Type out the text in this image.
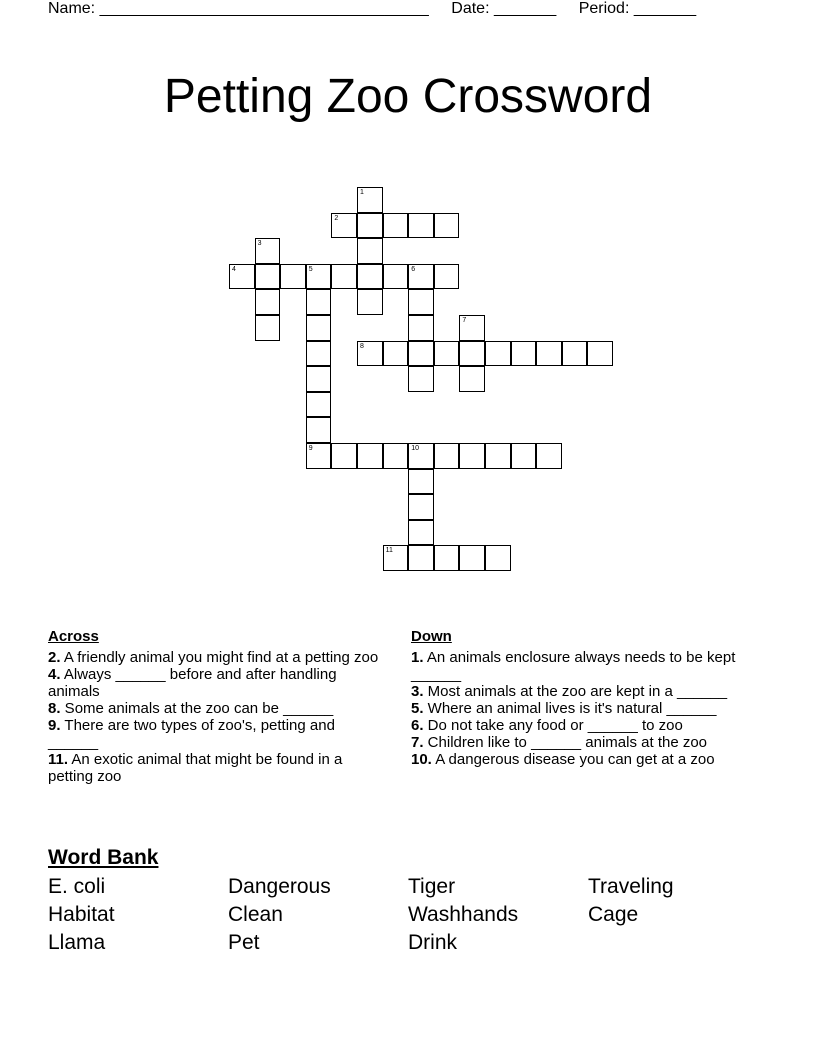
Name: _____________________________________ Date: _______ Period: _______
Petting Zoo Crossword
1
2
3
4	5	6
7
8
9	10
11
Across

2. A friendly animal you might find at a petting zoo

4. Always ______ before and after handling animals

8. Some animals at the zoo can be ______

9. There are two types of zoo's, petting and ______

11. An exotic animal that might be found in a petting zoo

Down

1. An animals enclosure always needs to be kept ______

3. Most animals at the zoo are kept in a ______

5. Where an animal lives is it's natural ______

6. Do not take any food or ______ to zoo

7. Children like to ______ animals at the zoo

10. A dangerous disease you can get at a zoo

Word Bank
E. coli	Dangerous	Tiger	Traveling
Habitat	Clean	Washhands	Cage
Llama	Pet	Drink
